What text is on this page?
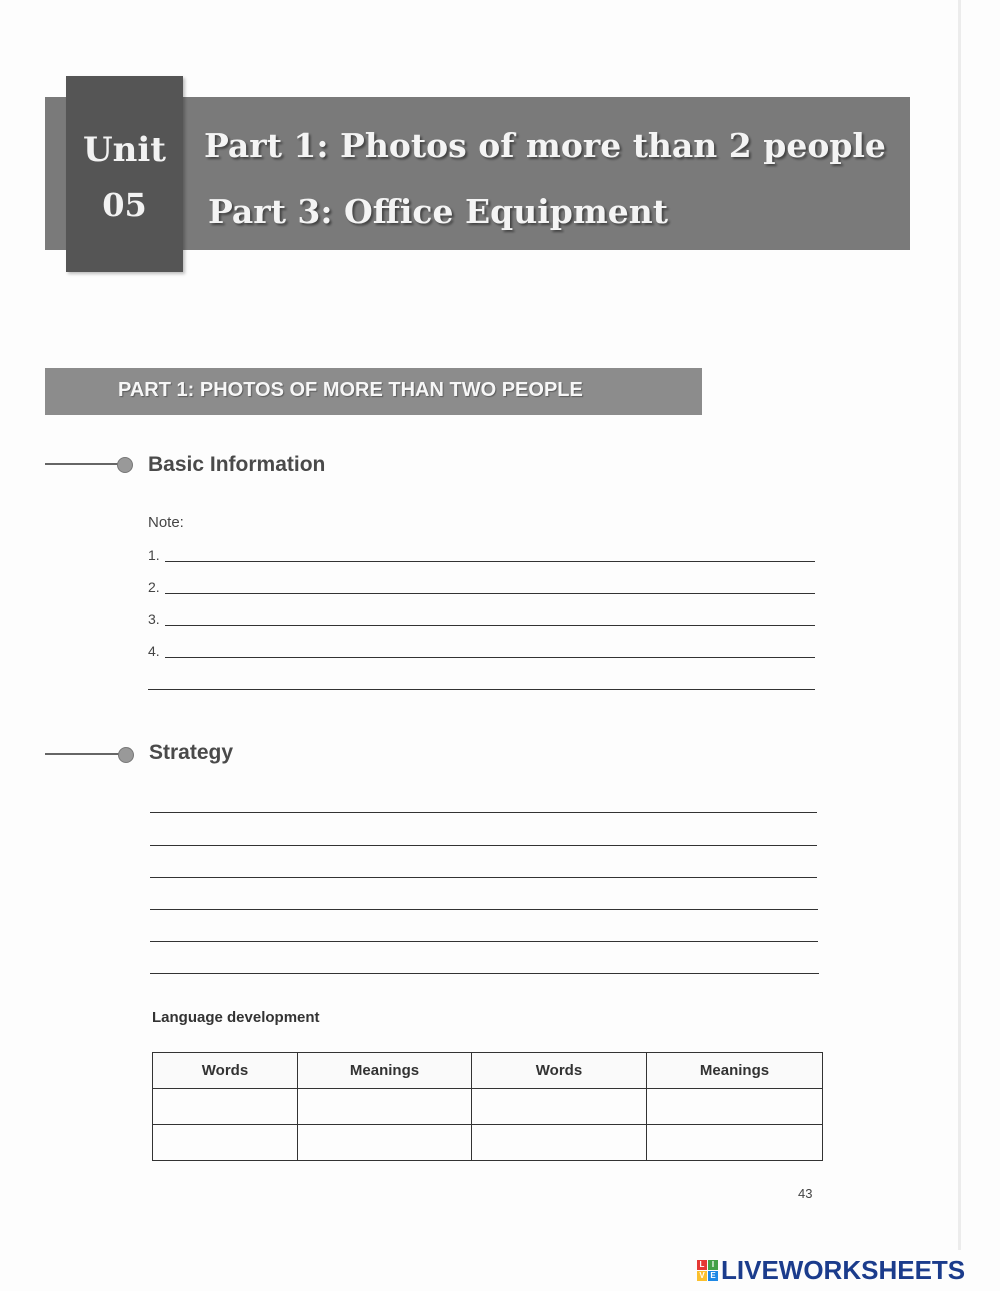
Unit
05
Part 1: Photos of more than 2 people
Part 3: Office Equipment
PART 1: PHOTOS OF MORE THAN TWO PEOPLE
Basic Information
Note:
1.
2.
3.
4.
Strategy
Language development
Words	Meanings	Words	Meanings

43
L I
V E LIVEWORKSHEETS
